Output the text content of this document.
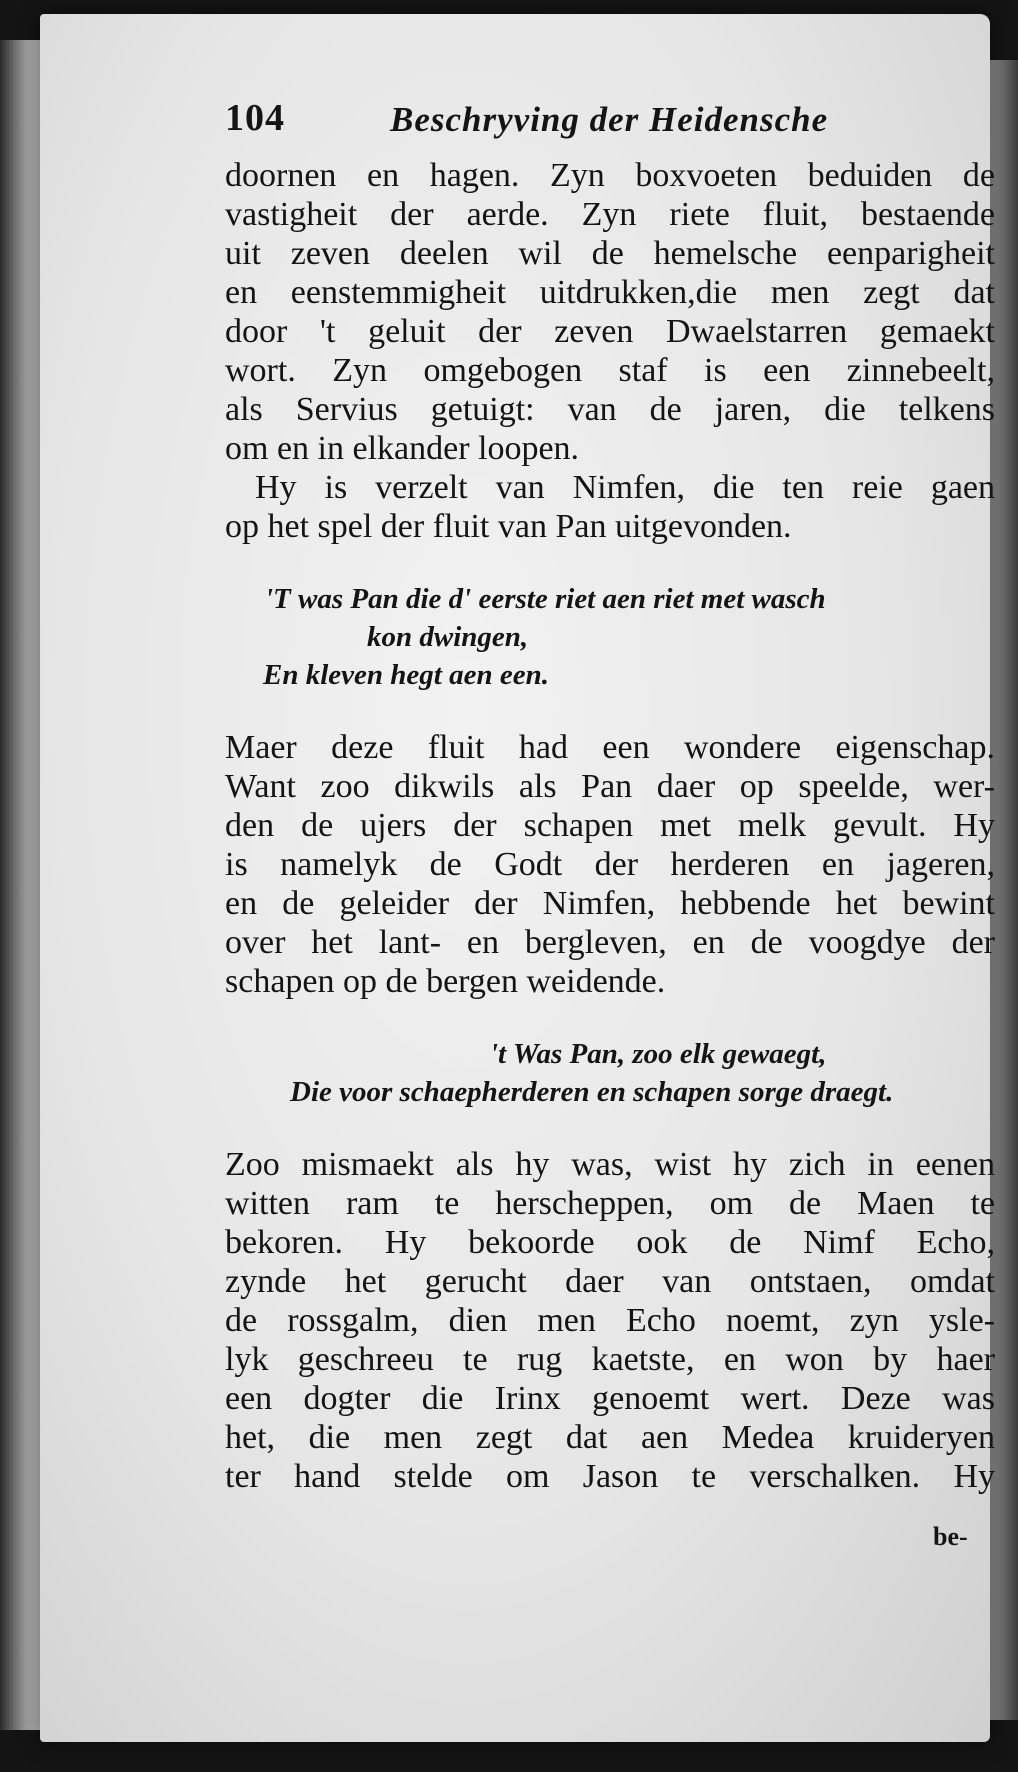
104	Beschryving der Heidensche
doornen en hagen. Zyn boxvoeten beduiden de
vastigheit der aerde. Zyn riete fluit, bestaende
uit zeven deelen wil de hemelsche eenparigheit
en eenstemmigheit uitdrukken,die men zegt dat
door 't geluit der zeven Dwaelstarren gemaekt
wort. Zyn omgebogen staf is een zinnebeelt,
als Servius getuigt: van de jaren, die telkens
om en in elkander loopen.
Hy is verzelt van Nimfen, die ten reie gaen
op het spel der fluit van Pan uitgevonden.
'T was Pan die d' eerste riet aen riet met wasch
kon dwingen,
En kleven hegt aen een.
Maer deze fluit had een wondere eigenschap.
Want zoo dikwils als Pan daer op speelde, wer-
den de ujers der schapen met melk gevult. Hy
is namelyk de Godt der herderen en jageren,
en de geleider der Nimfen, hebbende het bewint
over het lant- en bergleven, en de voogdye der
schapen op de bergen weidende.
't Was Pan, zoo elk gewaegt,
Die voor schaepherderen en schapen sorge draegt.
Zoo mismaekt als hy was, wist hy zich in eenen
witten ram te herscheppen, om de Maen te
bekoren. Hy bekoorde ook de Nimf Echo,
zynde het gerucht daer van ontstaen, omdat
de rossgalm, dien men Echo noemt, zyn ysle-
lyk geschreeu te rug kaetste, en won by haer
een dogter die Irinx genoemt wert. Deze was
het, die men zegt dat aen Medea kruideryen
ter hand stelde om Jason te verschalken. Hy
be-
